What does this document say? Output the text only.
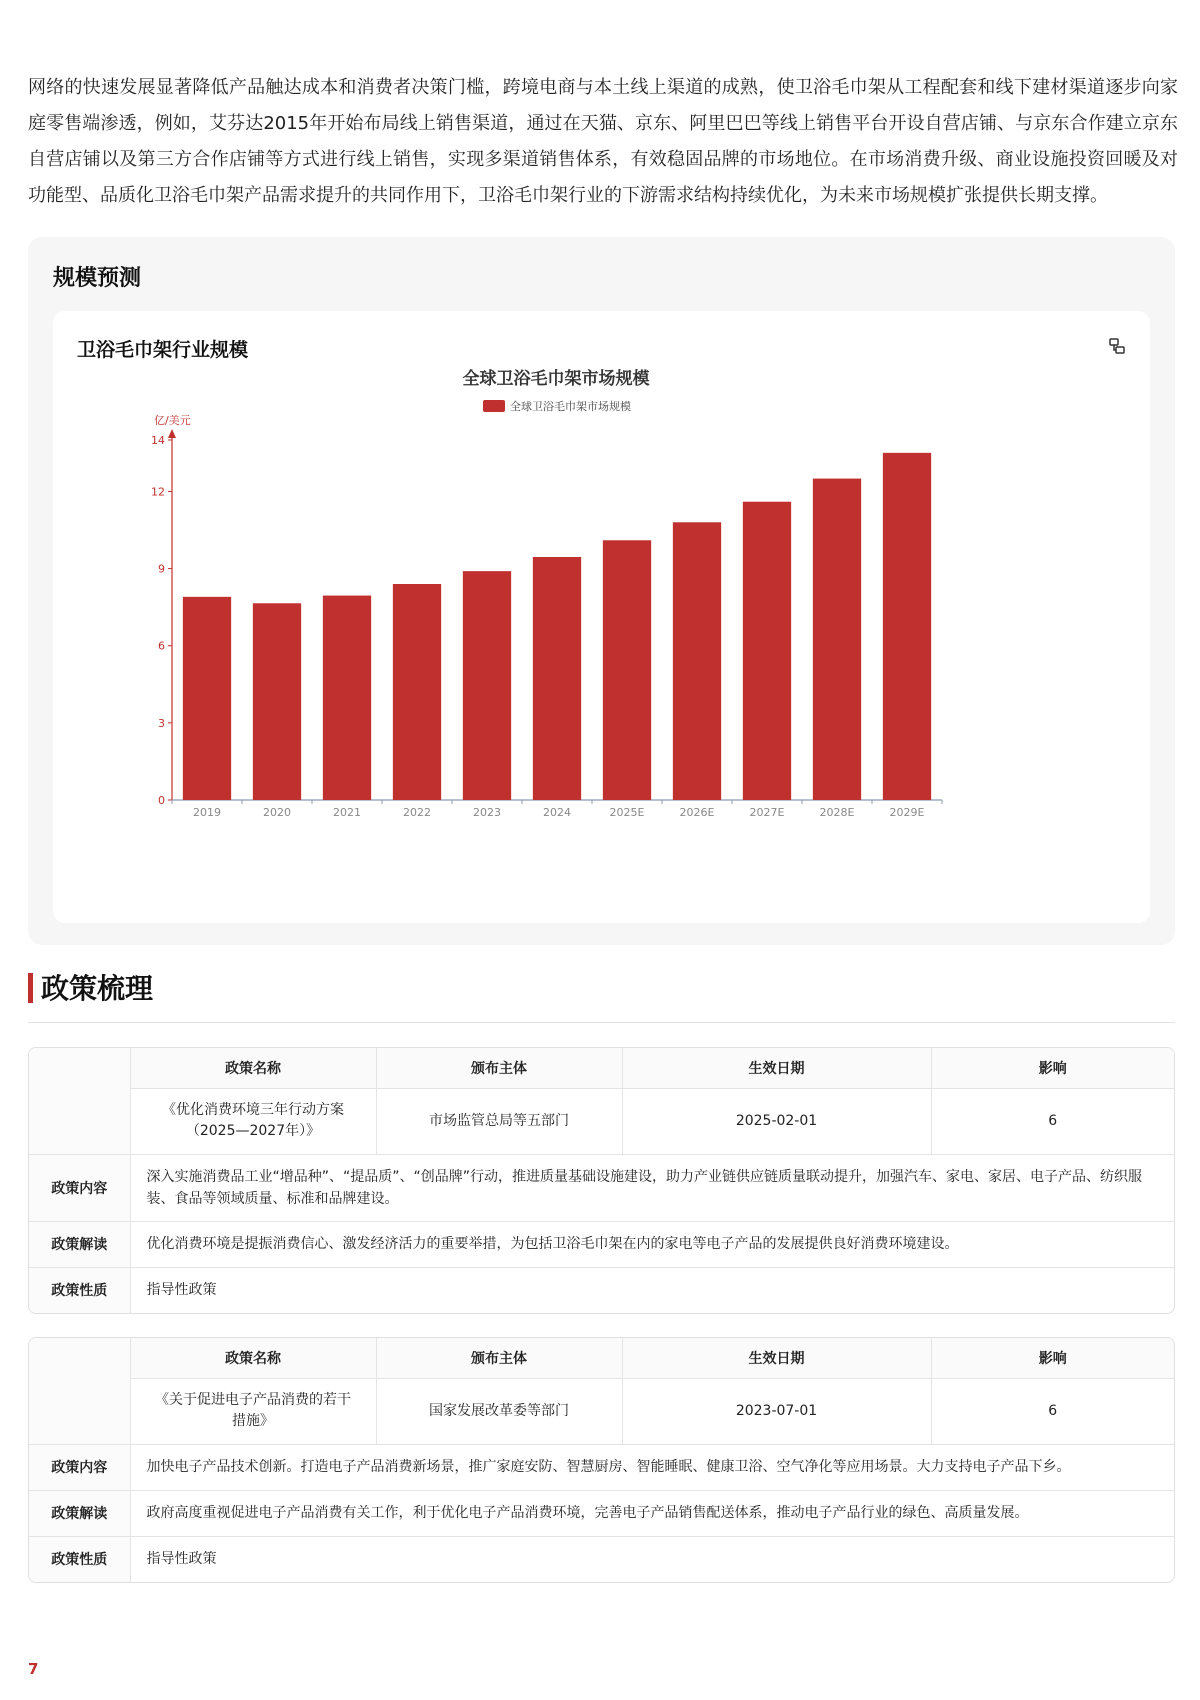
网络的快速发展显著降低产品触达成本和消费者决策门槛，跨境电商与本土线上渠道的成熟，使卫浴毛巾架从工程配套和线下建材渠道逐步向家庭零售端渗透，例如，艾芬达2015年开始布局线上销售渠道，通过在天猫、京东、阿里巴巴等线上销售平台开设自营店铺、与京东合作建立京东自营店铺以及第三方合作店铺等方式进行线上销售，实现多渠道销售体系，有效稳固品牌的市场地位。在市场消费升级、商业设施投资回暖及对功能型、品质化卫浴毛巾架产品需求提升的共同作用下，卫浴毛巾架行业的下游需求结构持续优化，为未来市场规模扩张提供长期支撑。
规模预测
卫浴毛巾架行业规模
全球卫浴毛巾架市场规模
全球卫浴毛巾架市场规模
亿/美元
0
3
6
9
12
14
2019	2020	2021	2022	2023	2024	2025E	2026E	2027E	2028E	2029E
政策梳理
	政策名称	颁布主体	生效日期	影响
	《优化消费环境三年行动方案（2025—2027年）》	市场监管总局等五部门	2025-02-01	6
政策内容	深入实施消费品工业“增品种”、“提品质”、“创品牌”行动，推进质量基础设施建设，助力产业链供应链质量联动提升，加强汽车、家电、家居、电子产品、纺织服装、食品等领域质量、标准和品牌建设。			
政策解读	优化消费环境是提振消费信心、激发经济活力的重要举措，为包括卫浴毛巾架在内的家电等电子产品的发展提供良好消费环境建设。			
政策性质	指导性政策			
	政策名称	颁布主体	生效日期	影响
	《关于促进电子产品消费的若干措施》	国家发展改革委等部门	2023-07-01	6
政策内容	加快电子产品技术创新。打造电子产品消费新场景，推广家庭安防、智慧厨房、智能睡眠、健康卫浴、空气净化等应用场景。大力支持电子产品下乡。			
政策解读	政府高度重视促进电子产品消费有关工作，利于优化电子产品消费环境，完善电子产品销售配送体系，推动电子产品行业的绿色、高质量发展。			
政策性质	指导性政策			
7
